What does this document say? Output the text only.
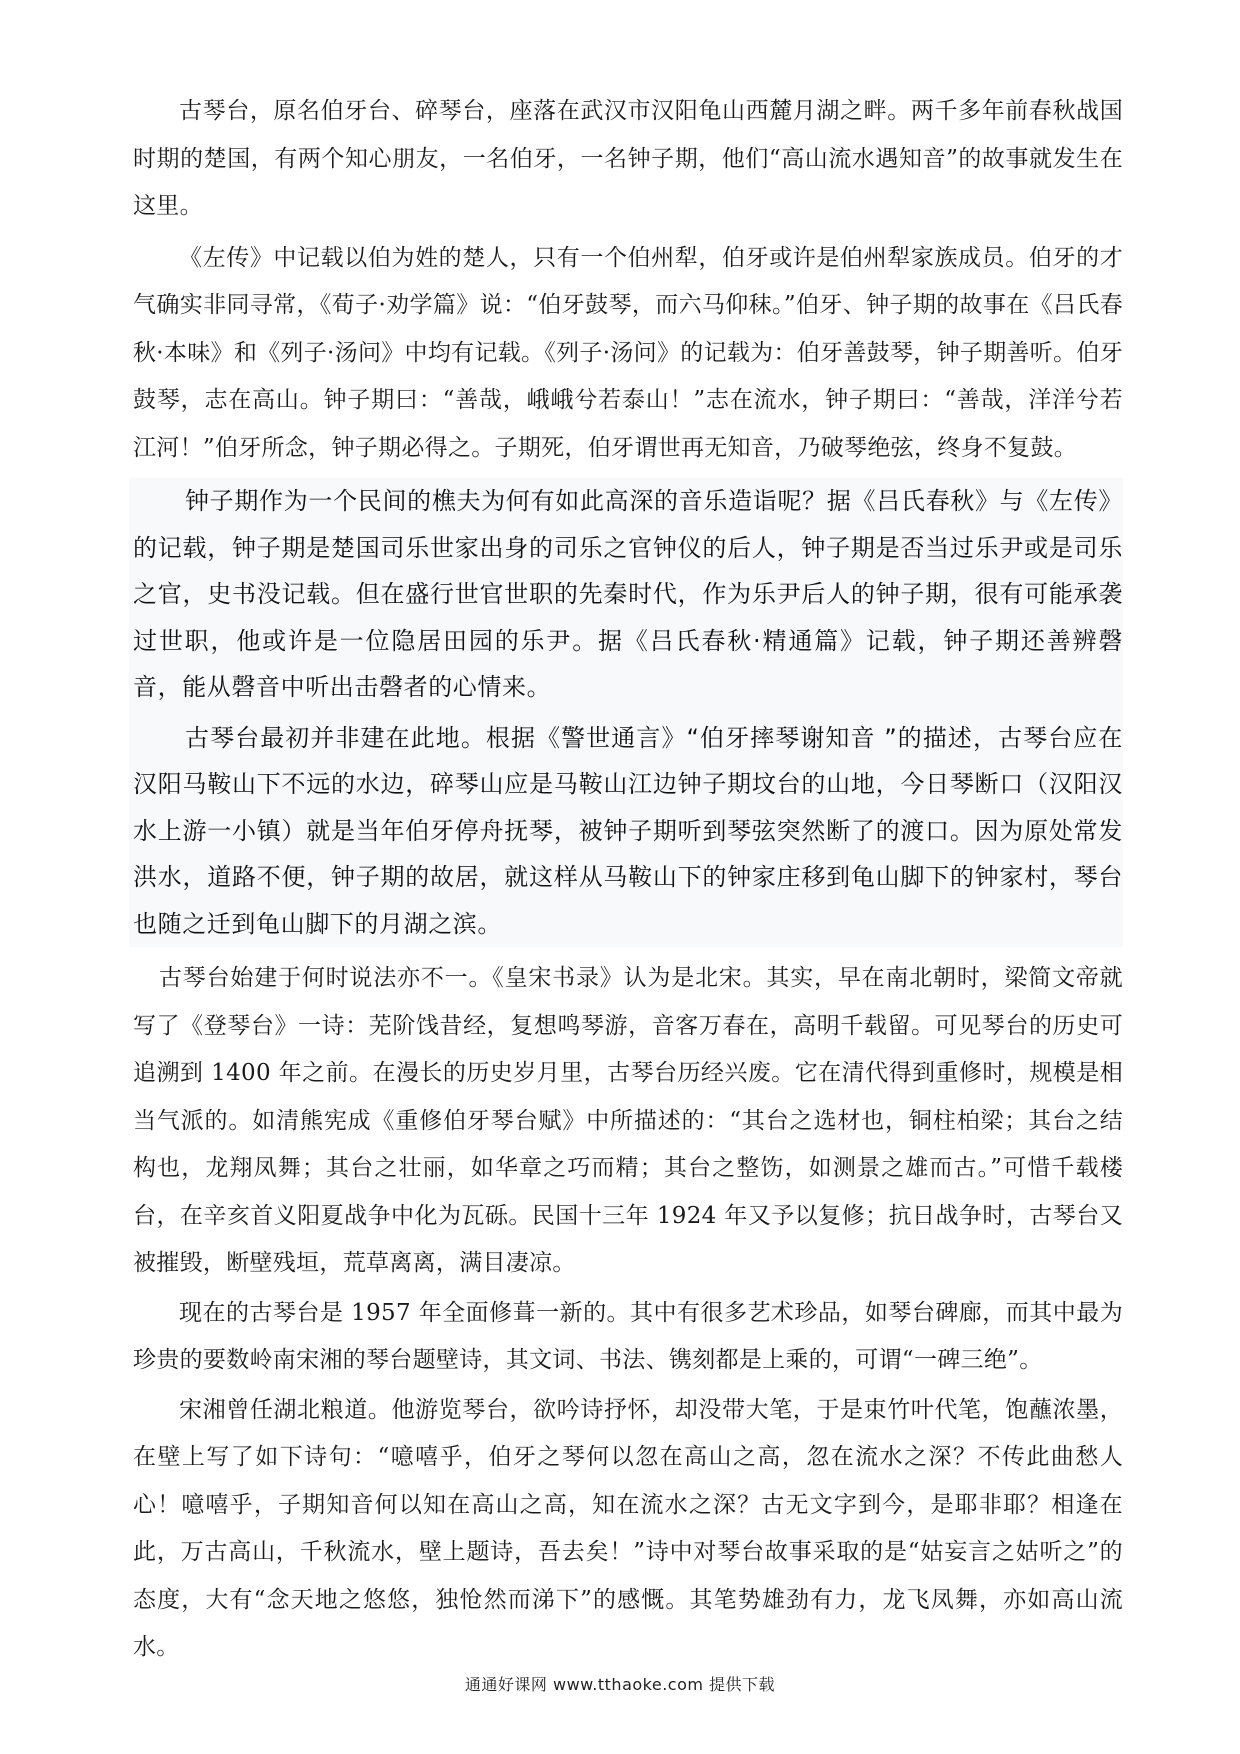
古琴台，原名伯牙台、碎琴台，座落在武汉市汉阳龟山西麓月湖之畔。两千多年前春秋战国时期的楚国，有两个知心朋友，一名伯牙，一名钟子期，他们“高山流水遇知音”的故事就发生在这里。

《左传》中记载以伯为姓的楚人，只有一个伯州犁，伯牙或许是伯州犁家族成员。伯牙的才气确实非同寻常，《荀子·劝学篇》说：“伯牙鼓琴，而六马仰秣。”伯牙、钟子期的故事在《吕氏春秋·本味》和《列子·汤问》中均有记载。《列子·汤问》的记载为：伯牙善鼓琴，钟子期善听。伯牙鼓琴，志在高山。钟子期曰：“善哉，峨峨兮若泰山！”志在流水，钟子期曰：“善哉，洋洋兮若江河！”伯牙所念，钟子期必得之。子期死，伯牙谓世再无知音，乃破琴绝弦，终身不复鼓。

钟子期作为一个民间的樵夫为何有如此高深的音乐造诣呢？据《吕氏春秋》与《左传》的记载，钟子期是楚国司乐世家出身的司乐之官钟仪的后人，钟子期是否当过乐尹或是司乐之官，史书没记载。但在盛行世官世职的先秦时代，作为乐尹后人的钟子期，很有可能承袭过世职，他或许是一位隐居田园的乐尹。据《吕氏春秋·精通篇》记载，钟子期还善辨磬音，能从磬音中听出击磬者的心情来。

古琴台最初并非建在此地。根据《警世通言》“伯牙摔琴谢知音 ”的描述，古琴台应在汉阳马鞍山下不远的水边，碎琴山应是马鞍山江边钟子期坟台的山地，今日琴断口（汉阳汉水上游一小镇）就是当年伯牙停舟抚琴，被钟子期听到琴弦突然断了的渡口。因为原处常发洪水，道路不便，钟子期的故居，就这样从马鞍山下的钟家庄移到龟山脚下的钟家村，琴台也随之迁到龟山脚下的月湖之滨。

古琴台始建于何时说法亦不一。《皇宋书录》认为是北宋。其实，早在南北朝时，梁简文帝就写了《登琴台》一诗：芜阶饯昔经，复想鸣琴游，音客万春在，高明千载留。可见琴台的历史可追溯到 1400 年之前。在漫长的历史岁月里，古琴台历经兴废。它在清代得到重修时，规模是相当气派的。如清熊宪成《重修伯牙琴台赋》中所描述的：“其台之选材也，铜柱柏梁；其台之结构也，龙翔凤舞；其台之壮丽，如华章之巧而精；其台之整饬，如测景之雄而古。”可惜千载楼台，在辛亥首义阳夏战争中化为瓦砾。民国十三年 1924 年又予以复修；抗日战争时，古琴台又被摧毁，断壁残垣，荒草离离，满目凄凉。

现在的古琴台是 1957 年全面修葺一新的。其中有很多艺术珍品，如琴台碑廊，而其中最为珍贵的要数岭南宋湘的琴台题壁诗，其文词、书法、镌刻都是上乘的，可谓“一碑三绝”。

宋湘曾任湖北粮道。他游览琴台，欲吟诗抒怀，却没带大笔，于是束竹叶代笔，饱蘸浓墨，在壁上写了如下诗句：“噫嘻乎，伯牙之琴何以忽在高山之高，忽在流水之深？不传此曲愁人心！噫嘻乎，子期知音何以知在高山之高，知在流水之深？古无文字到今，是耶非耶？相逢在此，万古高山，千秋流水，壁上题诗，吾去矣！”诗中对琴台故事采取的是“姑妄言之姑听之”的态度，大有“念天地之悠悠，独怆然而涕下”的感慨。其笔势雄劲有力，龙飞凤舞，亦如高山流水。

通通好课网 www.tthaoke.com 提供下载
